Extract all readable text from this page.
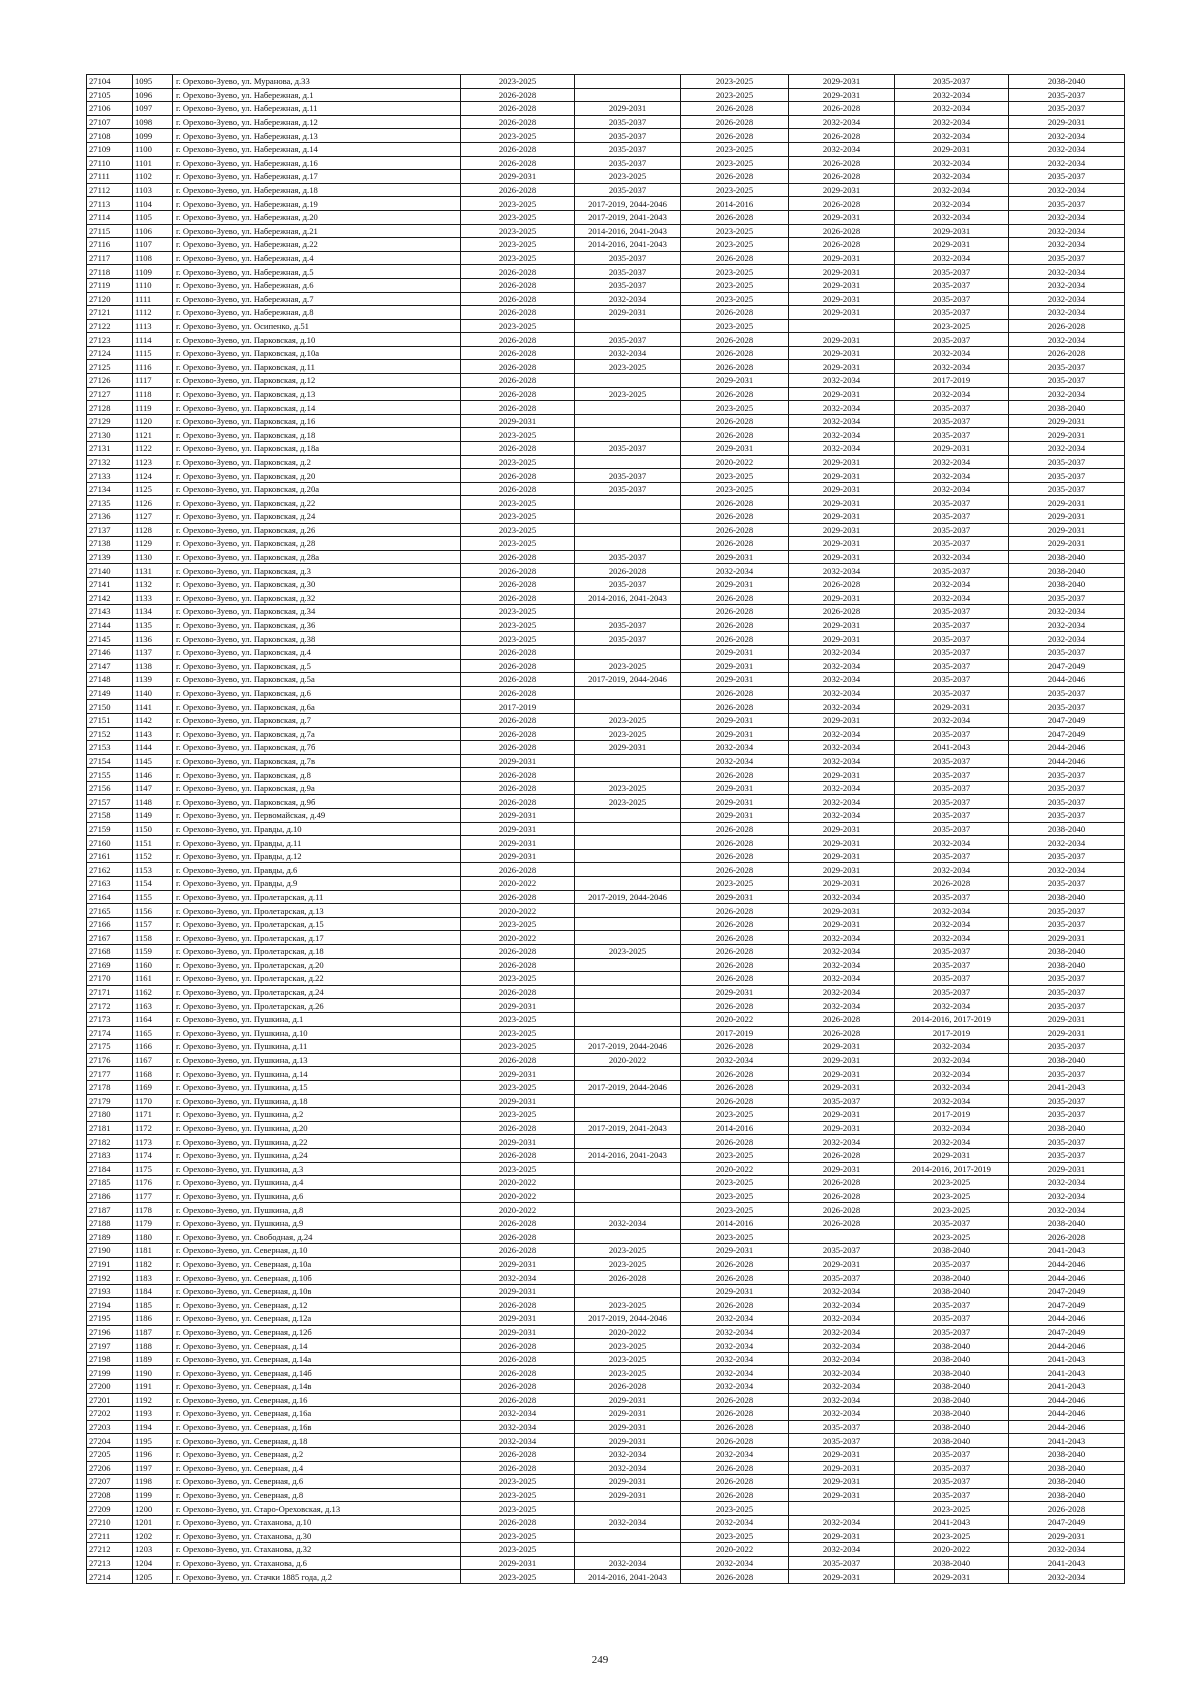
27104	1095	г. Орехово-Зуево, ул. Муранова, д.33	2023-2025		2023-2025	2029-2031	2035-2037	2038-2040
27105	1096	г. Орехово-Зуево, ул. Набережная, д.1	2026-2028		2023-2025	2029-2031	2032-2034	2035-2037
27106	1097	г. Орехово-Зуево, ул. Набережная, д.11	2026-2028	2029-2031	2026-2028	2026-2028	2032-2034	2035-2037
27107	1098	г. Орехово-Зуево, ул. Набережная, д.12	2026-2028	2035-2037	2026-2028	2032-2034	2032-2034	2029-2031
27108	1099	г. Орехово-Зуево, ул. Набережная, д.13	2023-2025	2035-2037	2026-2028	2026-2028	2032-2034	2032-2034
27109	1100	г. Орехово-Зуево, ул. Набережная, д.14	2026-2028	2035-2037	2023-2025	2032-2034	2029-2031	2032-2034
27110	1101	г. Орехово-Зуево, ул. Набережная, д.16	2026-2028	2035-2037	2023-2025	2026-2028	2032-2034	2032-2034
27111	1102	г. Орехово-Зуево, ул. Набережная, д.17	2029-2031	2023-2025	2026-2028	2026-2028	2032-2034	2035-2037
27112	1103	г. Орехово-Зуево, ул. Набережная, д.18	2026-2028	2035-2037	2023-2025	2029-2031	2032-2034	2032-2034
27113	1104	г. Орехово-Зуево, ул. Набережная, д.19	2023-2025	2017-2019, 2044-2046	2014-2016	2026-2028	2032-2034	2035-2037
27114	1105	г. Орехово-Зуево, ул. Набережная, д.20	2023-2025	2017-2019, 2041-2043	2026-2028	2029-2031	2032-2034	2032-2034
27115	1106	г. Орехово-Зуево, ул. Набережная, д.21	2023-2025	2014-2016, 2041-2043	2023-2025	2026-2028	2029-2031	2032-2034
27116	1107	г. Орехово-Зуево, ул. Набережная, д.22	2023-2025	2014-2016, 2041-2043	2023-2025	2026-2028	2029-2031	2032-2034
27117	1108	г. Орехово-Зуево, ул. Набережная, д.4	2023-2025	2035-2037	2026-2028	2029-2031	2032-2034	2035-2037
27118	1109	г. Орехово-Зуево, ул. Набережная, д.5	2026-2028	2035-2037	2023-2025	2029-2031	2035-2037	2032-2034
27119	1110	г. Орехово-Зуево, ул. Набережная, д.6	2026-2028	2035-2037	2023-2025	2029-2031	2035-2037	2032-2034
27120	1111	г. Орехово-Зуево, ул. Набережная, д.7	2026-2028	2032-2034	2023-2025	2029-2031	2035-2037	2032-2034
27121	1112	г. Орехово-Зуево, ул. Набережная, д.8	2026-2028	2029-2031	2026-2028	2029-2031	2035-2037	2032-2034
27122	1113	г. Орехово-Зуево, ул. Осипенко, д.51	2023-2025		2023-2025		2023-2025	2026-2028
27123	1114	г. Орехово-Зуево, ул. Парковская, д.10	2026-2028	2035-2037	2026-2028	2029-2031	2035-2037	2032-2034
27124	1115	г. Орехово-Зуево, ул. Парковская, д.10а	2026-2028	2032-2034	2026-2028	2029-2031	2032-2034	2026-2028
27125	1116	г. Орехово-Зуево, ул. Парковская, д.11	2026-2028	2023-2025	2026-2028	2029-2031	2032-2034	2035-2037
27126	1117	г. Орехово-Зуево, ул. Парковская, д.12	2026-2028		2029-2031	2032-2034	2017-2019	2035-2037
27127	1118	г. Орехово-Зуево, ул. Парковская, д.13	2026-2028	2023-2025	2026-2028	2029-2031	2032-2034	2032-2034
27128	1119	г. Орехово-Зуево, ул. Парковская, д.14	2026-2028		2023-2025	2032-2034	2035-2037	2038-2040
27129	1120	г. Орехово-Зуево, ул. Парковская, д.16	2029-2031		2026-2028	2032-2034	2035-2037	2029-2031
27130	1121	г. Орехово-Зуево, ул. Парковская, д.18	2023-2025		2026-2028	2032-2034	2035-2037	2029-2031
27131	1122	г. Орехово-Зуево, ул. Парковская, д.18а	2026-2028	2035-2037	2029-2031	2032-2034	2029-2031	2032-2034
27132	1123	г. Орехово-Зуево, ул. Парковская, д.2	2023-2025		2020-2022	2029-2031	2032-2034	2035-2037
27133	1124	г. Орехово-Зуево, ул. Парковская, д.20	2026-2028	2035-2037	2023-2025	2029-2031	2032-2034	2035-2037
27134	1125	г. Орехово-Зуево, ул. Парковская, д.20а	2026-2028	2035-2037	2023-2025	2029-2031	2032-2034	2035-2037
27135	1126	г. Орехово-Зуево, ул. Парковская, д.22	2023-2025		2026-2028	2029-2031	2035-2037	2029-2031
27136	1127	г. Орехово-Зуево, ул. Парковская, д.24	2023-2025		2026-2028	2029-2031	2035-2037	2029-2031
27137	1128	г. Орехово-Зуево, ул. Парковская, д.26	2023-2025		2026-2028	2029-2031	2035-2037	2029-2031
27138	1129	г. Орехово-Зуево, ул. Парковская, д.28	2023-2025		2026-2028	2029-2031	2035-2037	2029-2031
27139	1130	г. Орехово-Зуево, ул. Парковская, д.28а	2026-2028	2035-2037	2029-2031	2029-2031	2032-2034	2038-2040
27140	1131	г. Орехово-Зуево, ул. Парковская, д.3	2026-2028	2026-2028	2032-2034	2032-2034	2035-2037	2038-2040
27141	1132	г. Орехово-Зуево, ул. Парковская, д.30	2026-2028	2035-2037	2029-2031	2026-2028	2032-2034	2038-2040
27142	1133	г. Орехово-Зуево, ул. Парковская, д.32	2026-2028	2014-2016, 2041-2043	2026-2028	2029-2031	2032-2034	2035-2037
27143	1134	г. Орехово-Зуево, ул. Парковская, д.34	2023-2025		2026-2028	2026-2028	2035-2037	2032-2034
27144	1135	г. Орехово-Зуево, ул. Парковская, д.36	2023-2025	2035-2037	2026-2028	2029-2031	2035-2037	2032-2034
27145	1136	г. Орехово-Зуево, ул. Парковская, д.38	2023-2025	2035-2037	2026-2028	2029-2031	2035-2037	2032-2034
27146	1137	г. Орехово-Зуево, ул. Парковская, д.4	2026-2028		2029-2031	2032-2034	2035-2037	2035-2037
27147	1138	г. Орехово-Зуево, ул. Парковская, д.5	2026-2028	2023-2025	2029-2031	2032-2034	2035-2037	2047-2049
27148	1139	г. Орехово-Зуево, ул. Парковская, д.5а	2026-2028	2017-2019, 2044-2046	2029-2031	2032-2034	2035-2037	2044-2046
27149	1140	г. Орехово-Зуево, ул. Парковская, д.6	2026-2028		2026-2028	2032-2034	2035-2037	2035-2037
27150	1141	г. Орехово-Зуево, ул. Парковская, д.6а	2017-2019		2026-2028	2032-2034	2029-2031	2035-2037
27151	1142	г. Орехово-Зуево, ул. Парковская, д.7	2026-2028	2023-2025	2029-2031	2029-2031	2032-2034	2047-2049
27152	1143	г. Орехово-Зуево, ул. Парковская, д.7а	2026-2028	2023-2025	2029-2031	2032-2034	2035-2037	2047-2049
27153	1144	г. Орехово-Зуево, ул. Парковская, д.7б	2026-2028	2029-2031	2032-2034	2032-2034	2041-2043	2044-2046
27154	1145	г. Орехово-Зуево, ул. Парковская, д.7в	2029-2031		2032-2034	2032-2034	2035-2037	2044-2046
27155	1146	г. Орехово-Зуево, ул. Парковская, д.8	2026-2028		2026-2028	2029-2031	2035-2037	2035-2037
27156	1147	г. Орехово-Зуево, ул. Парковская, д.9а	2026-2028	2023-2025	2029-2031	2032-2034	2035-2037	2035-2037
27157	1148	г. Орехово-Зуево, ул. Парковская, д.9б	2026-2028	2023-2025	2029-2031	2032-2034	2035-2037	2035-2037
27158	1149	г. Орехово-Зуево, ул. Первомайская, д.49	2029-2031		2029-2031	2032-2034	2035-2037	2035-2037
27159	1150	г. Орехово-Зуево, ул. Правды, д.10	2029-2031		2026-2028	2029-2031	2035-2037	2038-2040
27160	1151	г. Орехово-Зуево, ул. Правды, д.11	2029-2031		2026-2028	2029-2031	2032-2034	2032-2034
27161	1152	г. Орехово-Зуево, ул. Правды, д.12	2029-2031		2026-2028	2029-2031	2035-2037	2035-2037
27162	1153	г. Орехово-Зуево, ул. Правды, д.6	2026-2028		2026-2028	2029-2031	2032-2034	2032-2034
27163	1154	г. Орехово-Зуево, ул. Правды, д.9	2020-2022		2023-2025	2029-2031	2026-2028	2035-2037
27164	1155	г. Орехово-Зуево, ул. Пролетарская, д.11	2026-2028	2017-2019, 2044-2046	2029-2031	2032-2034	2035-2037	2038-2040
27165	1156	г. Орехово-Зуево, ул. Пролетарская, д.13	2020-2022		2026-2028	2029-2031	2032-2034	2035-2037
27166	1157	г. Орехово-Зуево, ул. Пролетарская, д.15	2023-2025		2026-2028	2029-2031	2032-2034	2035-2037
27167	1158	г. Орехово-Зуево, ул. Пролетарская, д.17	2020-2022		2026-2028	2032-2034	2032-2034	2029-2031
27168	1159	г. Орехово-Зуево, ул. Пролетарская, д.18	2026-2028	2023-2025	2026-2028	2032-2034	2035-2037	2038-2040
27169	1160	г. Орехово-Зуево, ул. Пролетарская, д.20	2026-2028		2026-2028	2032-2034	2035-2037	2038-2040
27170	1161	г. Орехово-Зуево, ул. Пролетарская, д.22	2023-2025		2026-2028	2032-2034	2035-2037	2035-2037
27171	1162	г. Орехово-Зуево, ул. Пролетарская, д.24	2026-2028		2029-2031	2032-2034	2035-2037	2035-2037
27172	1163	г. Орехово-Зуево, ул. Пролетарская, д.26	2029-2031		2026-2028	2032-2034	2032-2034	2035-2037
27173	1164	г. Орехово-Зуево, ул. Пушкина, д.1	2023-2025		2020-2022	2026-2028	2014-2016, 2017-2019	2029-2031
27174	1165	г. Орехово-Зуево, ул. Пушкина, д.10	2023-2025		2017-2019	2026-2028	2017-2019	2029-2031
27175	1166	г. Орехово-Зуево, ул. Пушкина, д.11	2023-2025	2017-2019, 2044-2046	2026-2028	2029-2031	2032-2034	2035-2037
27176	1167	г. Орехово-Зуево, ул. Пушкина, д.13	2026-2028	2020-2022	2032-2034	2029-2031	2032-2034	2038-2040
27177	1168	г. Орехово-Зуево, ул. Пушкина, д.14	2029-2031		2026-2028	2029-2031	2032-2034	2035-2037
27178	1169	г. Орехово-Зуево, ул. Пушкина, д.15	2023-2025	2017-2019, 2044-2046	2026-2028	2029-2031	2032-2034	2041-2043
27179	1170	г. Орехово-Зуево, ул. Пушкина, д.18	2029-2031		2026-2028	2035-2037	2032-2034	2035-2037
27180	1171	г. Орехово-Зуево, ул. Пушкина, д.2	2023-2025		2023-2025	2029-2031	2017-2019	2035-2037
27181	1172	г. Орехово-Зуево, ул. Пушкина, д.20	2026-2028	2017-2019, 2041-2043	2014-2016	2029-2031	2032-2034	2038-2040
27182	1173	г. Орехово-Зуево, ул. Пушкина, д.22	2029-2031		2026-2028	2032-2034	2032-2034	2035-2037
27183	1174	г. Орехово-Зуево, ул. Пушкина, д.24	2026-2028	2014-2016, 2041-2043	2023-2025	2026-2028	2029-2031	2035-2037
27184	1175	г. Орехово-Зуево, ул. Пушкина, д.3	2023-2025		2020-2022	2029-2031	2014-2016, 2017-2019	2029-2031
27185	1176	г. Орехово-Зуево, ул. Пушкина, д.4	2020-2022		2023-2025	2026-2028	2023-2025	2032-2034
27186	1177	г. Орехово-Зуево, ул. Пушкина, д.6	2020-2022		2023-2025	2026-2028	2023-2025	2032-2034
27187	1178	г. Орехово-Зуево, ул. Пушкина, д.8	2020-2022		2023-2025	2026-2028	2023-2025	2032-2034
27188	1179	г. Орехово-Зуево, ул. Пушкина, д.9	2026-2028	2032-2034	2014-2016	2026-2028	2035-2037	2038-2040
27189	1180	г. Орехово-Зуево, ул. Свободная, д.24	2026-2028		2023-2025		2023-2025	2026-2028
27190	1181	г. Орехово-Зуево, ул. Северная, д.10	2026-2028	2023-2025	2029-2031	2035-2037	2038-2040	2041-2043
27191	1182	г. Орехово-Зуево, ул. Северная, д.10а	2029-2031	2023-2025	2026-2028	2029-2031	2035-2037	2044-2046
27192	1183	г. Орехово-Зуево, ул. Северная, д.10б	2032-2034	2026-2028	2026-2028	2035-2037	2038-2040	2044-2046
27193	1184	г. Орехово-Зуево, ул. Северная, д.10в	2029-2031		2029-2031	2032-2034	2038-2040	2047-2049
27194	1185	г. Орехово-Зуево, ул. Северная, д.12	2026-2028	2023-2025	2026-2028	2032-2034	2035-2037	2047-2049
27195	1186	г. Орехово-Зуево, ул. Северная, д.12а	2029-2031	2017-2019, 2044-2046	2032-2034	2032-2034	2035-2037	2044-2046
27196	1187	г. Орехово-Зуево, ул. Северная, д.12б	2029-2031	2020-2022	2032-2034	2032-2034	2035-2037	2047-2049
27197	1188	г. Орехово-Зуево, ул. Северная, д.14	2026-2028	2023-2025	2032-2034	2032-2034	2038-2040	2044-2046
27198	1189	г. Орехово-Зуево, ул. Северная, д.14а	2026-2028	2023-2025	2032-2034	2032-2034	2038-2040	2041-2043
27199	1190	г. Орехово-Зуево, ул. Северная, д.14б	2026-2028	2023-2025	2032-2034	2032-2034	2038-2040	2041-2043
27200	1191	г. Орехово-Зуево, ул. Северная, д.14в	2026-2028	2026-2028	2032-2034	2032-2034	2038-2040	2041-2043
27201	1192	г. Орехово-Зуево, ул. Северная, д.16	2026-2028	2029-2031	2026-2028	2032-2034	2038-2040	2044-2046
27202	1193	г. Орехово-Зуево, ул. Северная, д.16а	2032-2034	2029-2031	2026-2028	2032-2034	2038-2040	2044-2046
27203	1194	г. Орехово-Зуево, ул. Северная, д.16в	2032-2034	2029-2031	2026-2028	2035-2037	2038-2040	2044-2046
27204	1195	г. Орехово-Зуево, ул. Северная, д.18	2032-2034	2029-2031	2026-2028	2035-2037	2038-2040	2041-2043
27205	1196	г. Орехово-Зуево, ул. Северная, д.2	2026-2028	2032-2034	2032-2034	2029-2031	2035-2037	2038-2040
27206	1197	г. Орехово-Зуево, ул. Северная, д.4	2026-2028	2032-2034	2026-2028	2029-2031	2035-2037	2038-2040
27207	1198	г. Орехово-Зуево, ул. Северная, д.6	2023-2025	2029-2031	2026-2028	2029-2031	2035-2037	2038-2040
27208	1199	г. Орехово-Зуево, ул. Северная, д.8	2023-2025	2029-2031	2026-2028	2029-2031	2035-2037	2038-2040
27209	1200	г. Орехово-Зуево, ул. Старо-Ореховская, д.13	2023-2025		2023-2025		2023-2025	2026-2028
27210	1201	г. Орехово-Зуево, ул. Стаханова, д.10	2026-2028	2032-2034	2032-2034	2032-2034	2041-2043	2047-2049
27211	1202	г. Орехово-Зуево, ул. Стаханова, д.30	2023-2025		2023-2025	2029-2031	2023-2025	2029-2031
27212	1203	г. Орехово-Зуево, ул. Стаханова, д.32	2023-2025		2020-2022	2032-2034	2020-2022	2032-2034
27213	1204	г. Орехово-Зуево, ул. Стаханова, д.6	2029-2031	2032-2034	2032-2034	2035-2037	2038-2040	2041-2043
27214	1205	г. Орехово-Зуево, ул. Стачки 1885 года, д.2	2023-2025	2014-2016, 2041-2043	2026-2028	2029-2031	2029-2031	2032-2034
249
